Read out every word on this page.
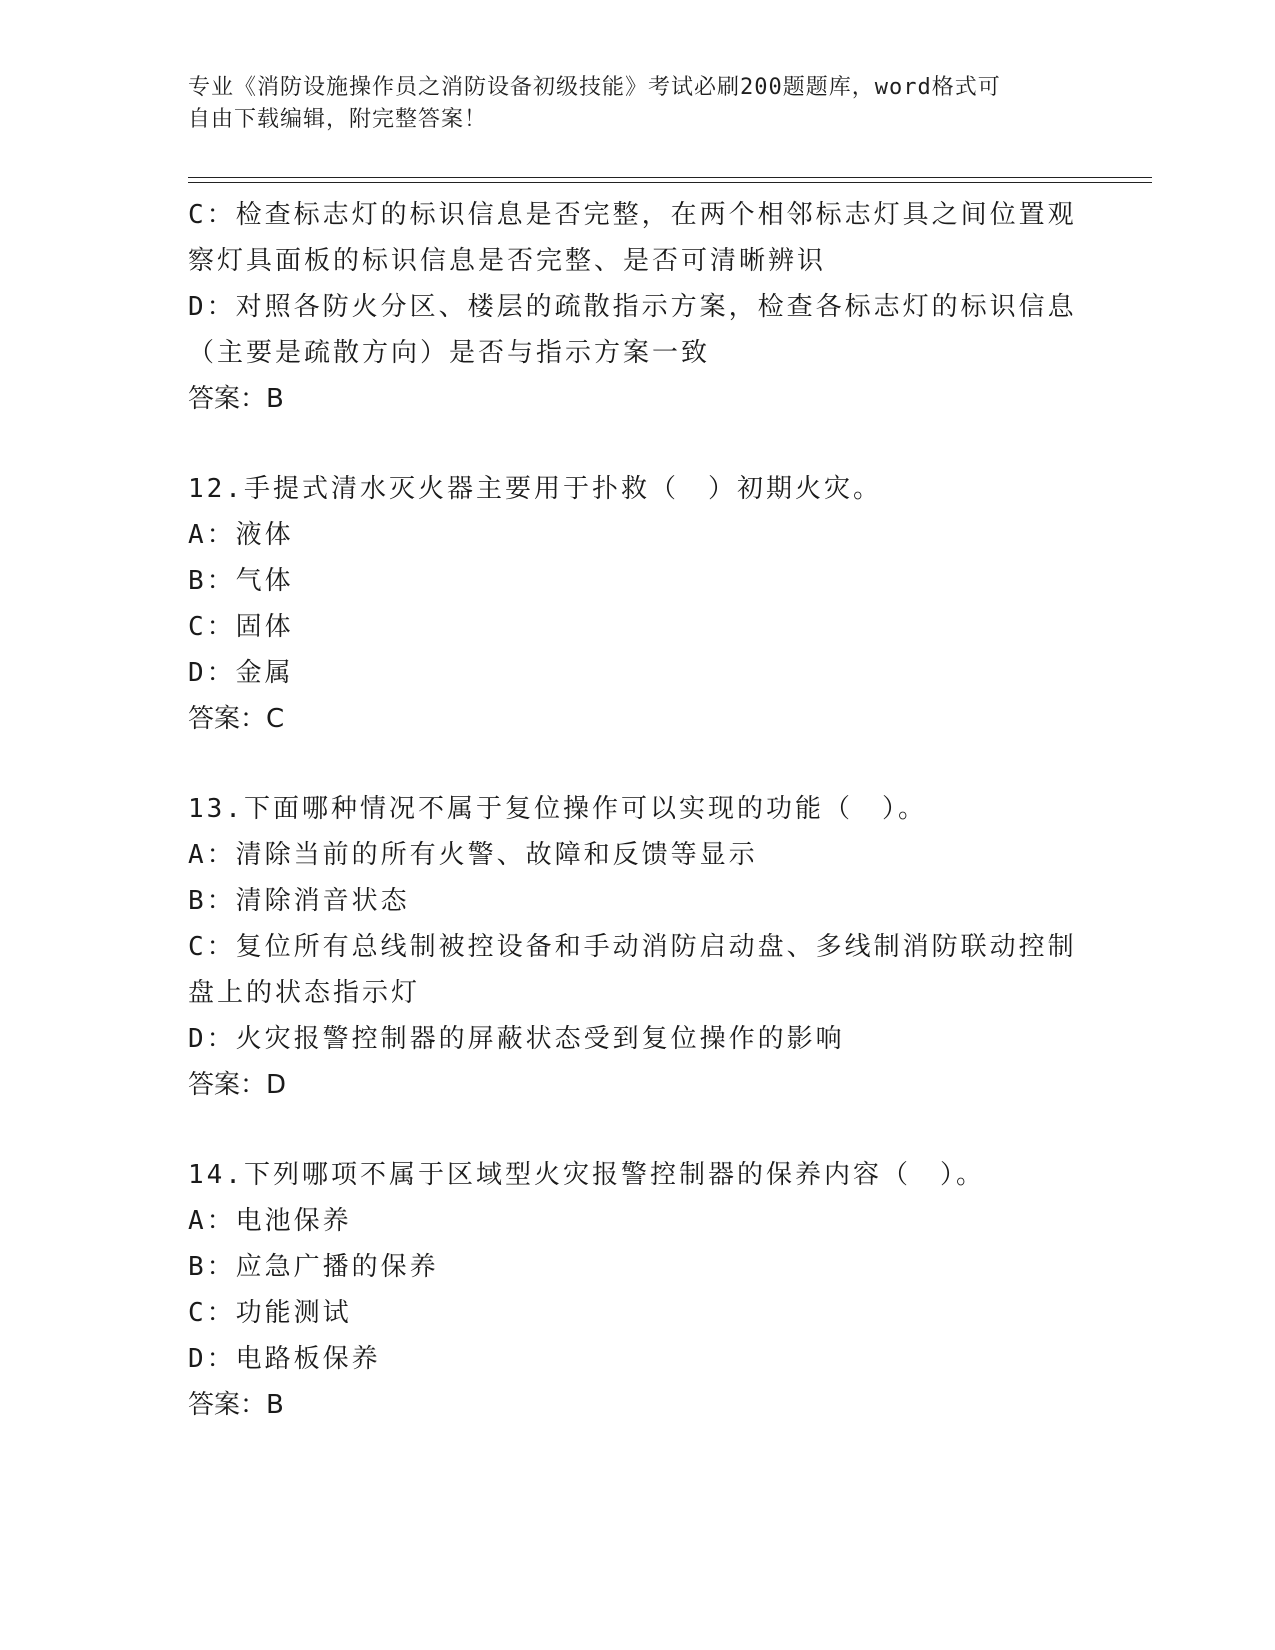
专业《消防设施操作员之消防设备初级技能》考试必刷200题题库，word格式可

自由下载编辑，附完整答案！

C：检查标志灯的标识信息是否完整，在两个相邻标志灯具之间位置观
察灯具面板的标识信息是否完整、是否可清晰辨识
D：对照各防火分区、楼层的疏散指示方案，检查各标志灯的标识信息
（主要是疏散方向）是否与指示方案一致
答案：B
12.手提式清水灭火器主要用于扑救（　）初期火灾。
A：液体
B：气体
C：固体
D：金属
答案：C
13.下面哪种情况不属于复位操作可以实现的功能（　）。
A：清除当前的所有火警、故障和反馈等显示
B：清除消音状态
C：复位所有总线制被控设备和手动消防启动盘、多线制消防联动控制
盘上的状态指示灯
D：火灾报警控制器的屏蔽状态受到复位操作的影响
答案：D
14.下列哪项不属于区域型火灾报警控制器的保养内容（　）。
A：电池保养
B：应急广播的保养
C：功能测试
D：电路板保养
答案：B
